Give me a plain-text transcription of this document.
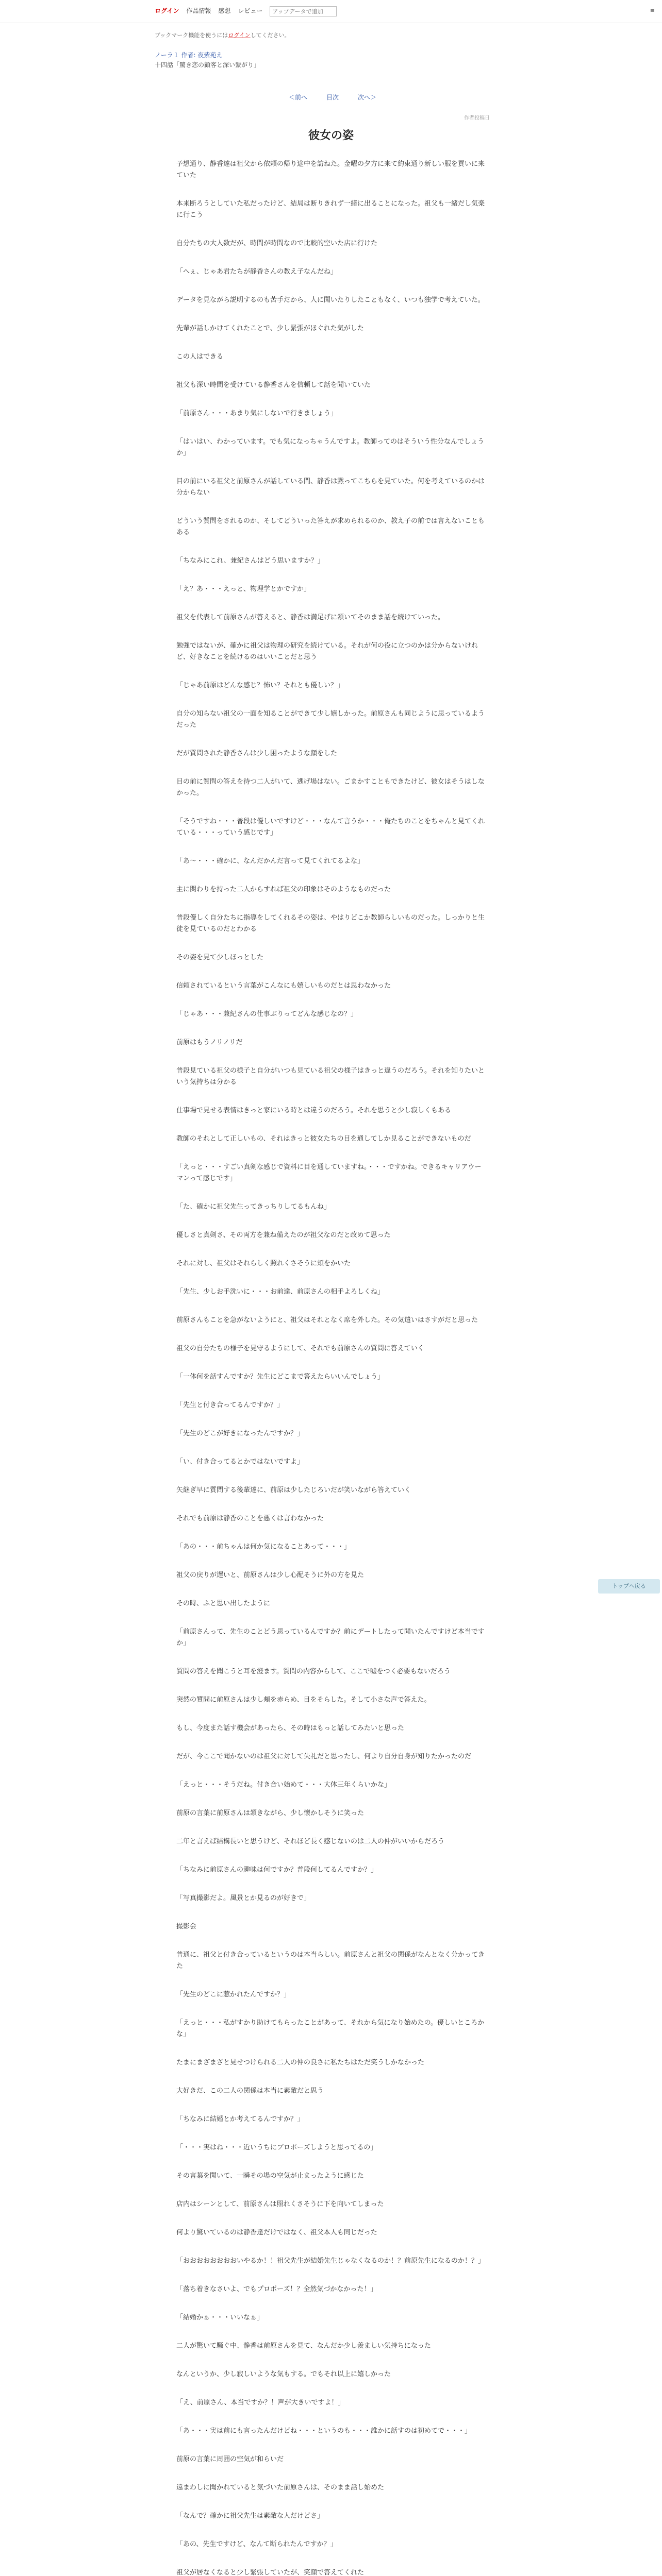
ログイン 作品情報 感想 レビュー
アップデータで追加	≡
ブックマーク機能を使うにはログインしてください。
ノーラ１ 作者: 夜紫苑え
十四話「驚き恋の顧客と深い繋がり」
＜前へ	目次	次へ＞
作者投稿日
彼女の姿

予想通り、静香達は祖父から依頼の帰り途中を訪ねた。金曜の夕方に来て約束通り新しい服を買いに来ていた

本来断ろうとしていた私だったけど、結局は断りきれず一緒に出ることになった。祖父も一緒だし気楽に行こう

自分たちの大人数だが、時間が時間なので比較的空いた店に行けた

「へぇ、じゃあ君たちが静香さんの教え子なんだね」

データを見ながら説明するのも苦手だから、人に聞いたりしたこともなく、いつも独学で考えていた。

先輩が話しかけてくれたことで、少し緊張がほぐれた気がした

この人はできる

祖父も深い時間を受けている静香さんを信頼して話を聞いていた

「前原さん・・・あまり気にしないで行きましょう」

「はいはい、わかっています。でも気になっちゃうんですよ。教師ってのはそういう性分なんでしょうか」

目の前にいる祖父と前原さんが話している間、静香は黙ってこちらを見ていた。何を考えているのかは分からない

どういう質問をされるのか、そしてどういった答えが求められるのか、教え子の前では言えないこともある

「ちなみにこれ、兼紀さんはどう思いますか？」

「え？あ・・・えっと、物理学とかですか」

祖父を代表して前原さんが答えると、静香は満足げに頷いてそのまま話を続けていった。

勉強ではないが、確かに祖父は物理の研究を続けている。それが何の役に立つのかは分からないけれど、好きなことを続けるのはいいことだと思う

「じゃあ前原はどんな感じ？怖い？それとも優しい？」

自分の知らない祖父の一面を知ることができて少し嬉しかった。前原さんも同じように思っているようだった

だが質問された静香さんは少し困ったような顔をした

目の前に質問の答えを待つ二人がいて、逃げ場はない。ごまかすこともできたけど、彼女はそうはしなかった。

「そうですね・・・普段は優しいですけど・・・なんて言うか・・・俺たちのことをちゃんと見てくれている・・・っていう感じです」

「あ～・・・確かに、なんだかんだ言って見てくれてるよな」

主に関わりを持った二人からすれば祖父の印象はそのようなものだった

普段優しく自分たちに指導をしてくれるその姿は、やはりどこか教師らしいものだった。しっかりと生徒を見ているのだとわかる

その姿を見て少しほっとした

信頼されているという言葉がこんなにも嬉しいものだとは思わなかった

「じゃあ・・・兼紀さんの仕事ぶりってどんな感じなの？」

前原はもうノリノリだ

普段見ている祖父の様子と自分がいつも見ている祖父の様子はきっと違うのだろう。それを知りたいという気持ちは分かる

仕事場で見せる表情はきっと家にいる時とは違うのだろう。それを思うと少し寂しくもある

教師のそれとして正しいもの、それはきっと彼女たちの目を通してしか見ることができないものだ

「えっと・・・すごい真剣な感じで資料に目を通していますね。・・・ですかね。できるキャリアウーマンって感じです」

「た、確かに祖父先生ってきっちりしてるもんね」

優しさと真剣さ、その両方を兼ね備えたのが祖父なのだと改めて思った

それに対し、祖父はそれらしく照れくさそうに頬をかいた

「先生、少しお手洗いに・・・お前達、前原さんの相手よろしくね」

前原さんもことを急がないようにと、祖父はそれとなく席を外した。その気遣いはさすがだと思った

祖父の自分たちの様子を見守るようにして、それでも前原さんの質問に答えていく

「一体何を話すんですか？先生にどこまで答えたらいいんでしょう」

「先生と付き合ってるんですか？」

「先生のどこが好きになったんですか？」

「い、付き合ってるとかではないですよ」

矢継ぎ早に質問する後輩達に、前原は少したじろいだが笑いながら答えていく

それでも前原は静香のことを悪くは言わなかった

「あの・・・前ちゃんは何か気になることあって・・・」

祖父の戻りが遅いと、前原さんは少し心配そうに外の方を見た

その時、ふと思い出したように

「前原さんって、先生のことどう思っているんですか？前にデートしたって聞いたんですけど本当ですか」

質問の答えを聞こうと耳を澄ます。質問の内容からして、ここで嘘をつく必要もないだろう

突然の質問に前原さんは少し頬を赤らめ、目をそらした。そして小さな声で答えた。

もし、今度また話す機会があったら、その時はもっと話してみたいと思った

だが、今ここで聞かないのは祖父に対して失礼だと思ったし、何より自分自身が知りたかったのだ

「えっと・・・そうだね。付き合い始めて・・・大体三年くらいかな」

前原の言葉に前原さんは頷きながら、少し懐かしそうに笑った

二年と言えば結構長いと思うけど、それほど長く感じないのは二人の仲がいいからだろう

「ちなみに前原さんの趣味は何ですか？普段何してるんですか？」

「写真撮影だよ。風景とか見るのが好きで」

撮影会

普通に、祖父と付き合っているというのは本当らしい。前原さんと祖父の関係がなんとなく分かってきた

「先生のどこに惹かれたんですか？」

「えっと・・・私がすかり助けてもらったことがあって、それから気になり始めたの。優しいところかな」

たまにまざまざと見せつけられる二人の仲の良さに私たちはただ笑うしかなかった

大好きだ、この二人の関係は本当に素敵だと思う

「ちなみに結婚とか考えてるんですか？」

「・・・実はね・・・近いうちにプロポーズしようと思ってるの」

その言葉を聞いて、一瞬その場の空気が止まったように感じた

店内はシーンとして、前原さんは照れくさそうに下を向いてしまった

何より驚いているのは静香達だけではなく、祖父本人も同じだった

「おおおおおおおおいやるか！！祖父先生が結婚先生じゃなくなるのか！？前原先生になるのか！？」

「落ち着きなさいよ、でもプロポーズ！？全然気づかなかった！」

「結婚かぁ・・・いいなぁ」

二人が驚いて騒ぐ中、静香は前原さんを見て、なんだか少し羨ましい気持ちになった

なんというか、少し寂しいような気もする。でもそれ以上に嬉しかった

「え、前原さん、本当ですか？！声が大きいですよ！」

「あ・・・実は前にも言ったんだけどね・・・というのも・・・誰かに話すのは初めてで・・・」

前原の言葉に周囲の空気が和らいだ

遠まわしに聞かれていると気づいた前原さんは、そのまま話し始めた

「なんで？確かに祖父先生は素敵な人だけどさ」

「あの、先生ですけど、なんて断られたんですか？」

祖父が居なくなると少し緊張していたが、笑顔で答えてくれた

トップへ戻る
